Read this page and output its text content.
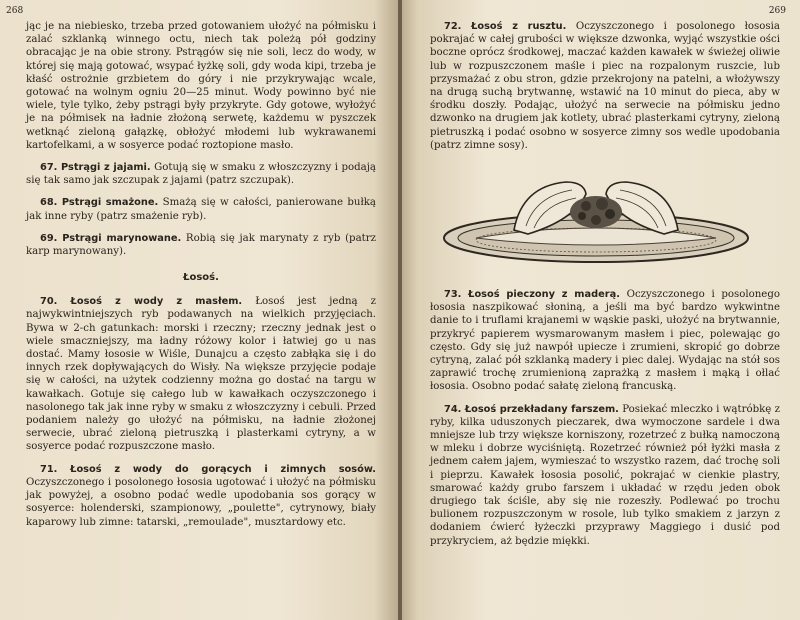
268

jąc je na niebiesko, trzeba przed gotowaniem ułożyć na półmisku i zalać szklanką winnego octu, niech tak poleżą pół godziny obracając je na obie strony. Pstrągów się nie soli, lecz do wody, w której się mają gotować, wsypać łyżkę soli, gdy woda kipi, trzeba je kłaść ostrożnie grzbietem do góry i nie przykrywając wcale, gotować na wolnym ogniu 20—25 minut. Wody powinno być nie wiele, tyle tylko, żeby pstrągi były przykryte. Gdy gotowe, wyłożyć je na półmisek na ładnie złożoną serwetę, każdemu w pyszczek wetknąć zieloną gałązkę, obłożyć młodemi lub wykrawanemi kartofelkami, a w sosyerce podać roztopione masło.

67. Pstrągi z jajami. Gotują się w smaku z włoszczyzny i podają się tak samo jak szczupak z jajami (patrz szczupak).

68. Pstrągi smażone. Smażą się w całości, panierowane bułką jak inne ryby (patrz smażenie ryb).

69. Pstrągi marynowane. Robią się jak marynaty z ryb (patrz karp marynowany).

Łosoś.

70. Łosoś z wody z masłem. Łosoś jest jedną z najwykwintniejszych ryb podawanych na wielkich przyjęciach. Bywa w 2-ch gatunkach: morski i rzeczny; rzeczny jednak jest o wiele smaczniejszy, ma ładny różowy kolor i łatwiej go u nas dostać. Mamy łososie w Wiśle, Dunajcu a często zabłąka się i do innych rzek dopływających do Wisły. Na większe przyjęcie podaje się w całości, na użytek codzienny można go dostać na targu w kawałkach. Gotuje się całego lub w kawałkach oczyszczonego i nasolonego tak jak inne ryby w smaku z włoszczyzny i cebuli. Przed podaniem należy go ułożyć na półmisku, na ładnie złożonej serwecie, ubrać zieloną pietruszką i plasterkami cytryny, a w sosyerce podać rozpuszczone masło.

71. Łosoś z wody do gorących i zimnych sosów. Oczyszczonego i posolonego łososia ugotować i ułożyć na półmisku jak powyżej, a osobno podać wedle upodobania sos gorący w sosyerce: holenderski, szampionowy, „poulette", cytrynowy, biały kaparowy lub zimne: tatarski, „remoulade", musztardowy etc.

269

72. Łosoś z rusztu. Oczyszczonego i posolonego łososia pokrajać w całej grubości w większe dzwonka, wyjąć wszystkie ości boczne oprócz środkowej, maczać każden kawałek w świeżej oliwie lub w rozpuszczonem maśle i piec na rozpalonym ruszcie, lub przysmażać z obu stron, gdzie przekrojony na patelni, a włożywszy na drugą suchą brytwannę, wstawić na 10 minut do pieca, aby w środku doszły. Podając, ułożyć na serwecie na półmisku jedno dzwonko na drugiem jak kotlety, ubrać plasterkami cytryny, zieloną pietruszką i podać osobno w sosyerce zimny sos wedle upodobania (patrz zimne sosy).

73. Łosoś pieczony z maderą. Oczyszczonego i posolonego łososia naszpikować słoniną, a jeśli ma być bardzo wykwintne danie to i truflami krajanemi w wąskie paski, ułożyć na brytwannie, przykryć papierem wysmarowanym masłem i piec, polewając go często. Gdy się już nawpół upiecze i zrumieni, skropić go dobrze cytryną, zalać pół szklanką madery i piec dalej. Wydając na stół sos zaprawić trochę zrumienioną zaprażką z masłem i mąką i ołlać łososia. Osobno podać sałatę zieloną francuską.

74. Łosoś przekładany farszem. Posiekać mleczko i wątróbkę z ryby, kilka uduszonych pieczarek, dwa wymoczone sardele i dwa mniejsze lub trzy większe korniszony, rozetrzeć z bułką namoczoną w mleku i dobrze wyciśniętą. Rozetrzeć również pół łyżki masła z jednem całem jajem, wymieszać to wszystko razem, dać trochę soli i pieprzu. Kawałek łososia posolić, pokrajać w cienkie plastry, smarować każdy grubo farszem i układać w rzędu jeden obok drugiego tak ściśle, aby się nie rozeszły. Podlewać po trochu bulionem rozpuszczonym w rosole, lub tylko smakiem z jarzyn z dodaniem ćwierć łyżeczki przyprawy Maggiego i dusić pod przykryciem, aż będzie miękki.
